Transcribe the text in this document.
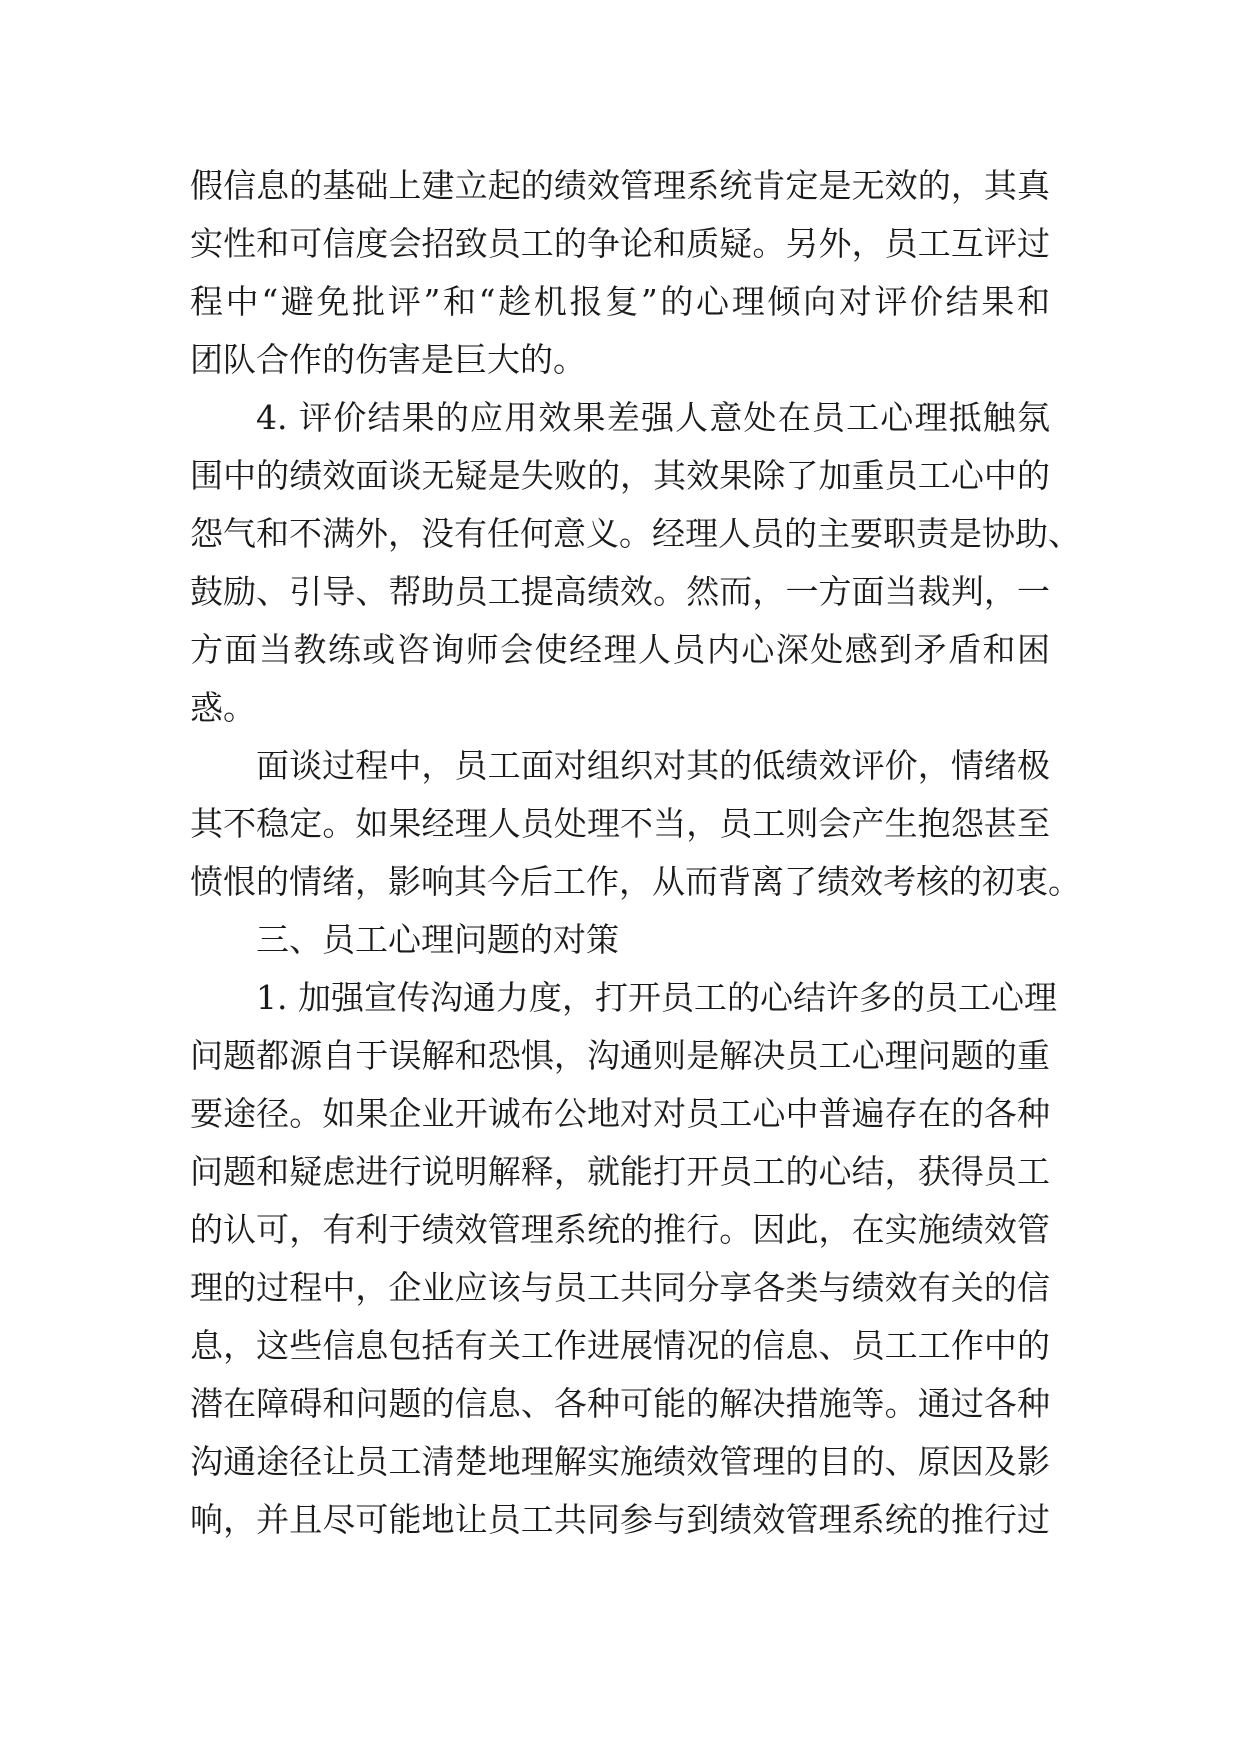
假信息的基础上建立起的绩效管理系统肯定是无效的，其真
实性和可信度会招致员工的争论和质疑。另外，员工互评过
程中“避免批评”和“趁机报复”的心理倾向对评价结果和
团队合作的伤害是巨大的。
4. 评价结果的应用效果差强人意处在员工心理抵触氛
围中的绩效面谈无疑是失败的，其效果除了加重员工心中的
怨气和不满外，没有任何意义。经理人员的主要职责是协助、
鼓励、引导、帮助员工提高绩效。然而，一方面当裁判，一
方面当教练或咨询师会使经理人员内心深处感到矛盾和困
惑。
面谈过程中，员工面对组织对其的低绩效评价，情绪极
其不稳定。如果经理人员处理不当，员工则会产生抱怨甚至
愤恨的情绪，影响其今后工作，从而背离了绩效考核的初衷。
三、员工心理问题的对策
1. 加强宣传沟通力度，打开员工的心结许多的员工心理
问题都源自于误解和恐惧，沟通则是解决员工心理问题的重
要途径。如果企业开诚布公地对对员工心中普遍存在的各种
问题和疑虑进行说明解释，就能打开员工的心结，获得员工
的认可，有利于绩效管理系统的推行。因此，在实施绩效管
理的过程中，企业应该与员工共同分享各类与绩效有关的信
息，这些信息包括有关工作进展情况的信息、员工工作中的
潜在障碍和问题的信息、各种可能的解决措施等。通过各种
沟通途径让员工清楚地理解实施绩效管理的目的、原因及影
响，并且尽可能地让员工共同参与到绩效管理系统的推行过
